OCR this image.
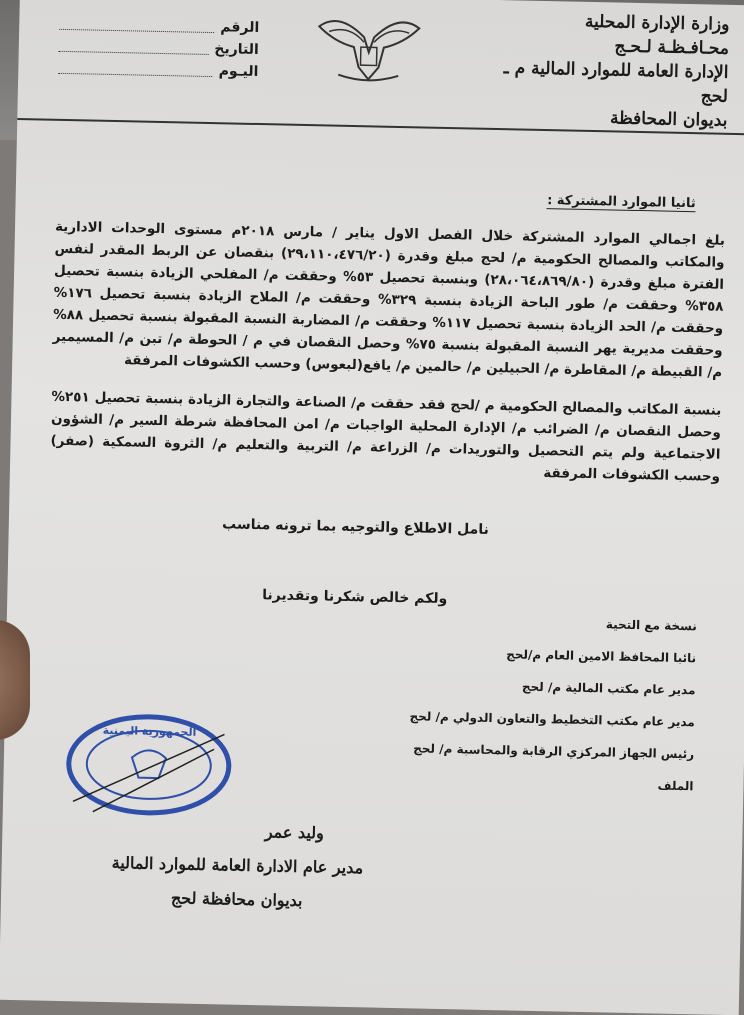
وزارة الإدارة المحلية
محـافـظـة لـحـج
الإدارة العامة للموارد المالية م ـ لحج
بديوان المحافظة
الرقم
التاريخ
اليـوم
ثانيا الموارد المشتركة :

بلغ اجمالي الموارد المشتركة خلال الفصل الاول يناير / مارس ٢٠١٨م مستوى الوحدات الادارية والمكاتب والمصالح الحكومية م/ لحج مبلغ وقدرة (٢٩،١١٠،٤٧٦/٢٠) بنقصان عن الربط المقدر لنفس الفترة مبلغ وقدرة (٢٨،٠٦٤،٨٦٩/٨٠) وبنسبة تحصيل ٥٣% وحققت م/ المفلحي الزيادة بنسبة تحصيل ٣٥٨% وحققت م/ طور الباحة الزيادة بنسبة ٣٢٩% وحققت م/ الملاح الزيادة بنسبة تحصيل ١٧٦% وحققت م/ الحد الزيادة بنسبة تحصيل ١١٧% وحققت م/ المضاربة النسبة المقبولة بنسبة تحصيل ٨٨% وحققت مديرية يهر النسبة المقبولة بنسبة ٧٥% وحصل النقصان في م / الحوطة م/ تبن م/ المسيمير م/ القبيطة م/ المقاطرة م/ الحبيلين م/ حالمين م/ يافع(لبعوس) وحسب الكشوفات المرفقة

بنسبة المكاتب والمصالح الحكومية م /لحج فقد حققت م/ الصناعة والتجارة الزيادة بنسبة تحصيل ٢٥١% وحصل النقصان م/ الضرائب م/ الإدارة المحلية الواجبات م/ امن المحافظة شرطة السير م/ الشؤون الاجتماعية ولم يتم التحصيل والتوريدات م/ الزراعة م/ التربية والتعليم م/ الثروة السمكية (صفر) وحسب الكشوفات المرفقة

نامل الاطلاع والتوجيه بما ترونه مناسب
ولكم خالص شكرنا وتقديرنا
نسخة مع التحية
نائبا المحافظ الامين العام م/لحج
مدير عام مكتب المالية م/ لحج
مدير عام مكتب التخطيط والتعاون الدولي م/ لحج
رئيس الجهاز المركزي الرقابة والمحاسبة م/ لحج
الملف
الجمهورية اليمنية
وليد عمر
مدير عام الادارة العامة للموارد المالية
بديوان محافظة لحج
